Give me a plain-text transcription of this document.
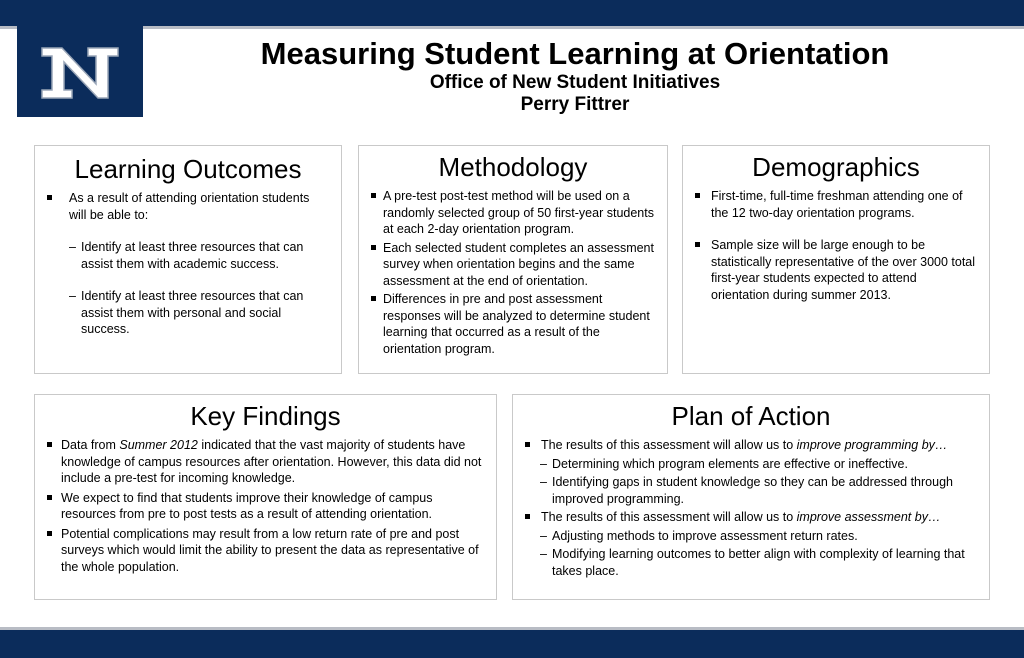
Measuring Student Learning at Orientation
Office of New Student Initiatives
Perry Fittrer
Learning Outcomes
As a result of attending orientation students will be able to:
– Identify at least three resources that can assist them with academic success.
– Identify at least three resources that can assist them with personal and social success.
Methodology
A pre-test post-test method will be used on a randomly selected group of 50 first-year students at each 2-day orientation program.
Each selected student completes an assessment survey when orientation begins and the same assessment at the end of orientation.
Differences in pre and post assessment responses will be analyzed to determine student learning that occurred as a result of the orientation program.
Demographics
First-time, full-time freshman attending one of the 12 two-day orientation programs.
Sample size will be large enough to be statistically representative of the over 3000 total first-year students expected to attend orientation during summer 2013.
Key Findings
Data from Summer 2012 indicated that the vast majority of students have knowledge of campus resources after orientation. However, this data did not include a pre-test for incoming knowledge.
We expect to find that students improve their knowledge of campus resources from pre to post tests as a result of attending orientation.
Potential complications may result from a low return rate of pre and post surveys which would limit the ability to present the data as representative of the whole population.
Plan of Action
The results of this assessment will allow us to improve programming by…
– Determining which program elements are effective or ineffective.
– Identifying gaps in student knowledge so they can be addressed through improved programming.
The results of this assessment will allow us to improve assessment by…
– Adjusting methods to improve assessment return rates.
– Modifying learning outcomes to better align with complexity of learning that takes place.
